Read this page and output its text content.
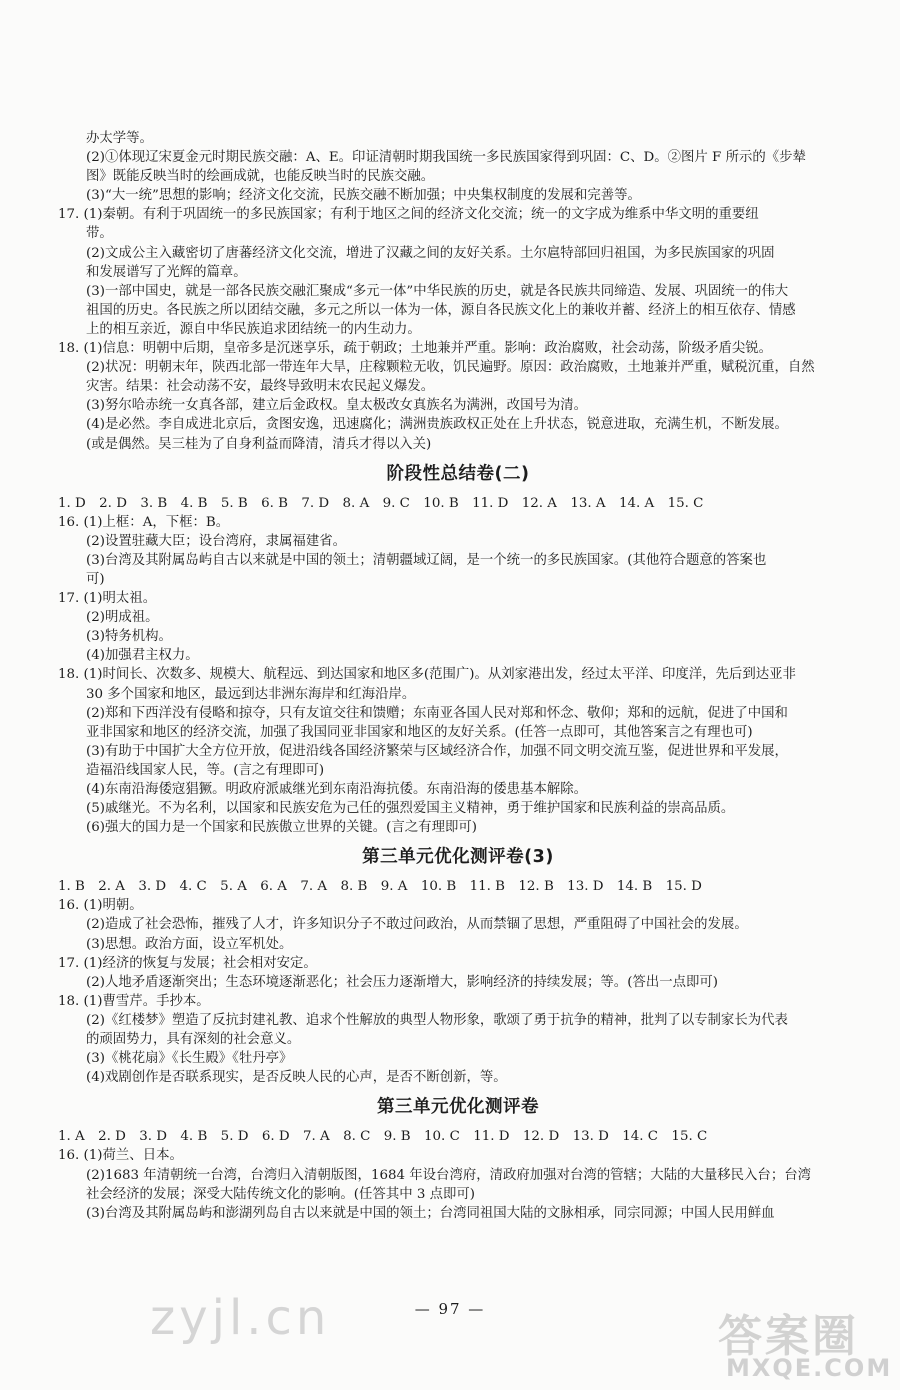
办太学等。
(2)①体现辽宋夏金元时期民族交融：A、E。印证清朝时期我国统一多民族国家得到巩固：C、D。②图片 F 所示的《步辇
图》既能反映当时的绘画成就，也能反映当时的民族交融。
(3)“大一统”思想的影响；经济文化交流，民族交融不断加强；中央集权制度的发展和完善等。
17. (1)秦朝。有利于巩固统一的多民族国家；有利于地区之间的经济文化交流；统一的文字成为维系中华文明的重要纽
带。
(2)文成公主入藏密切了唐蕃经济文化交流，增进了汉藏之间的友好关系。土尔扈特部回归祖国，为多民族国家的巩固
和发展谱写了光辉的篇章。
(3)一部中国史，就是一部各民族交融汇聚成“多元一体”中华民族的历史，就是各民族共同缔造、发展、巩固统一的伟大
祖国的历史。各民族之所以团结交融，多元之所以一体为一体，源自各民族文化上的兼收并蓄、经济上的相互依存、情感
上的相互亲近，源自中华民族追求团结统一的内生动力。
18. (1)信息：明朝中后期，皇帝多是沉迷享乐，疏于朝政；土地兼并严重。影响：政治腐败，社会动荡，阶级矛盾尖锐。
(2)状况：明朝末年，陕西北部一带连年大旱，庄稼颗粒无收，饥民遍野。原因：政治腐败，土地兼并严重，赋税沉重，自然
灾害。结果：社会动荡不安，最终导致明末农民起义爆发。
(3)努尔哈赤统一女真各部，建立后金政权。皇太极改女真族名为满洲，改国号为清。
(4)是必然。李自成进北京后，贪图安逸，迅速腐化；满洲贵族政权正处在上升状态，锐意进取，充满生机，不断发展。
(或是偶然。吴三桂为了自身利益而降清，清兵才得以入关)
阶段性总结卷(二)
1. D　2. D　3. B　4. B　5. B　6. B　7. D　8. A　9. C　10. B　11. D　12. A　13. A　14. A　15. C
16. (1)上框：A，下框：B。
(2)设置驻藏大臣；设台湾府，隶属福建省。
(3)台湾及其附属岛屿自古以来就是中国的领土；清朝疆域辽阔，是一个统一的多民族国家。(其他符合题意的答案也
可)
17. (1)明太祖。
(2)明成祖。
(3)特务机构。
(4)加强君主权力。
18. (1)时间长、次数多、规模大、航程远、到达国家和地区多(范围广)。从刘家港出发，经过太平洋、印度洋，先后到达亚非
30 多个国家和地区，最远到达非洲东海岸和红海沿岸。
(2)郑和下西洋没有侵略和掠夺，只有友谊交往和馈赠；东南亚各国人民对郑和怀念、敬仰；郑和的远航，促进了中国和
亚非国家和地区的经济交流，加强了我国同亚非国家和地区的友好关系。(任答一点即可，其他答案言之有理也可)
(3)有助于中国扩大全方位开放，促进沿线各国经济繁荣与区域经济合作，加强不同文明交流互鉴，促进世界和平发展，
造福沿线国家人民，等。(言之有理即可)
(4)东南沿海倭寇猖獗。明政府派戚继光到东南沿海抗倭。东南沿海的倭患基本解除。
(5)戚继光。不为名利，以国家和民族安危为己任的强烈爱国主义精神，勇于维护国家和民族利益的崇高品质。
(6)强大的国力是一个国家和民族傲立世界的关键。(言之有理即可)
第三单元优化测评卷(3)
1. B　2. A　3. D　4. C　5. A　6. A　7. A　8. B　9. A　10. B　11. B　12. B　13. D　14. B　15. D
16. (1)明朝。
(2)造成了社会恐怖，摧残了人才，许多知识分子不敢过问政治，从而禁锢了思想，严重阻碍了中国社会的发展。
(3)思想。政治方面，设立军机处。
17. (1)经济的恢复与发展；社会相对安定。
(2)人地矛盾逐渐突出；生态环境逐渐恶化；社会压力逐渐增大，影响经济的持续发展；等。(答出一点即可)
18. (1)曹雪芹。手抄本。
(2)《红楼梦》塑造了反抗封建礼教、追求个性解放的典型人物形象，歌颂了勇于抗争的精神，批判了以专制家长为代表
的顽固势力，具有深刻的社会意义。
(3)《桃花扇》《长生殿》《牡丹亭》
(4)戏剧创作是否联系现实，是否反映人民的心声，是否不断创新，等。
第三单元优化测评卷
1. A　2. D　3. D　4. B　5. D　6. D　7. A　8. C　9. B　10. C　11. D　12. D　13. D　14. C　15. C
16. (1)荷兰、日本。
(2)1683 年清朝统一台湾，台湾归入清朝版图，1684 年设台湾府，清政府加强对台湾的管辖；大陆的大量移民入台；台湾
社会经济的发展；深受大陆传统文化的影响。(任答其中 3 点即可)
(3)台湾及其附属岛屿和澎湖列岛自古以来就是中国的领土；台湾同祖国大陆的文脉相承，同宗同源；中国人民用鲜血
— 97 —
zyjl.cn	答案圈
MXQE.COM
